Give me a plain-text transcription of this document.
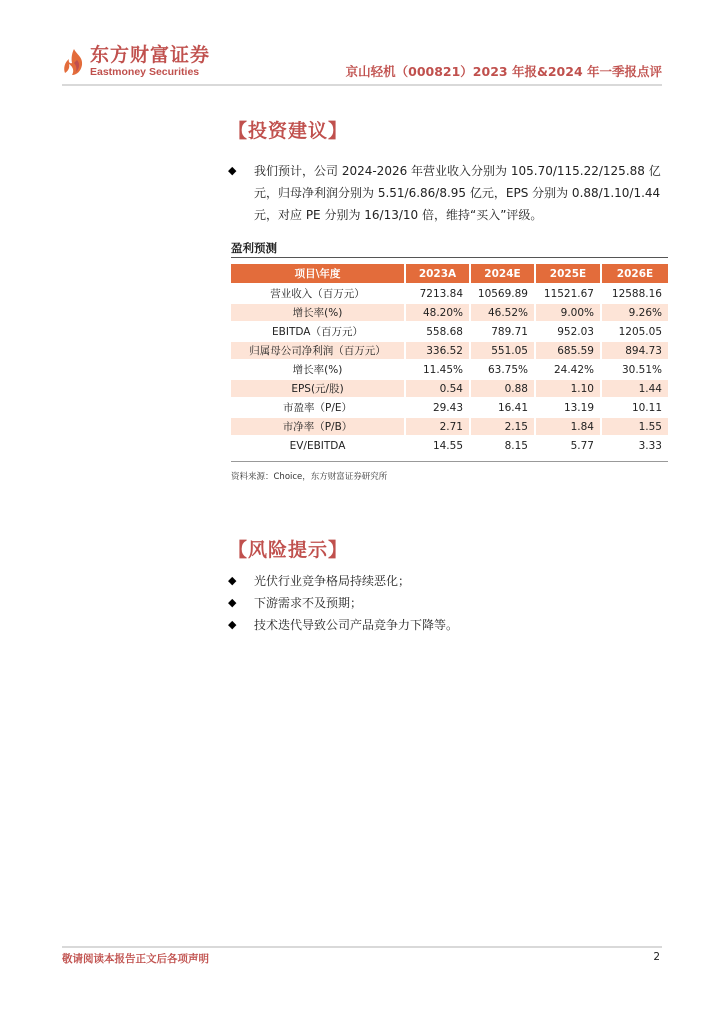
东方财富证券
Eastmoney Securities	京山轻机（000821）2023 年报&2024 年一季报点评
【投资建议】
◆ 我们预计，公司 2024-2026 年营业收入分别为 105.70/115.22/125.88 亿元，归母净利润分别为 5.51/6.86/8.95 亿元，EPS 分别为 0.88/1.10/1.44 元，对应 PE 分别为 16/13/10 倍，维持“买入”评级。
盈利预测
项目\年度	2023A	2024E	2025E	2026E
营业收入（百万元）	7213.84	10569.89	11521.67	12588.16
增长率(%)	48.20%	46.52%	9.00%	9.26%
EBITDA（百万元）	558.68	789.71	952.03	1205.05
归属母公司净利润（百万元）	336.52	551.05	685.59	894.73
增长率(%)	11.45%	63.75%	24.42%	30.51%
EPS(元/股)	0.54	0.88	1.10	1.44
市盈率（P/E）	29.43	16.41	13.19	10.11
市净率（P/B）	2.71	2.15	1.84	1.55
EV/EBITDA	14.55	8.15	5.77	3.33
资料来源：Choice，东方财富证券研究所
【风险提示】
◆ 光伏行业竞争格局持续恶化；
◆ 下游需求不及预期；
◆ 技术迭代导致公司产品竞争力下降等。
敬请阅读本报告正文后各项声明	2
